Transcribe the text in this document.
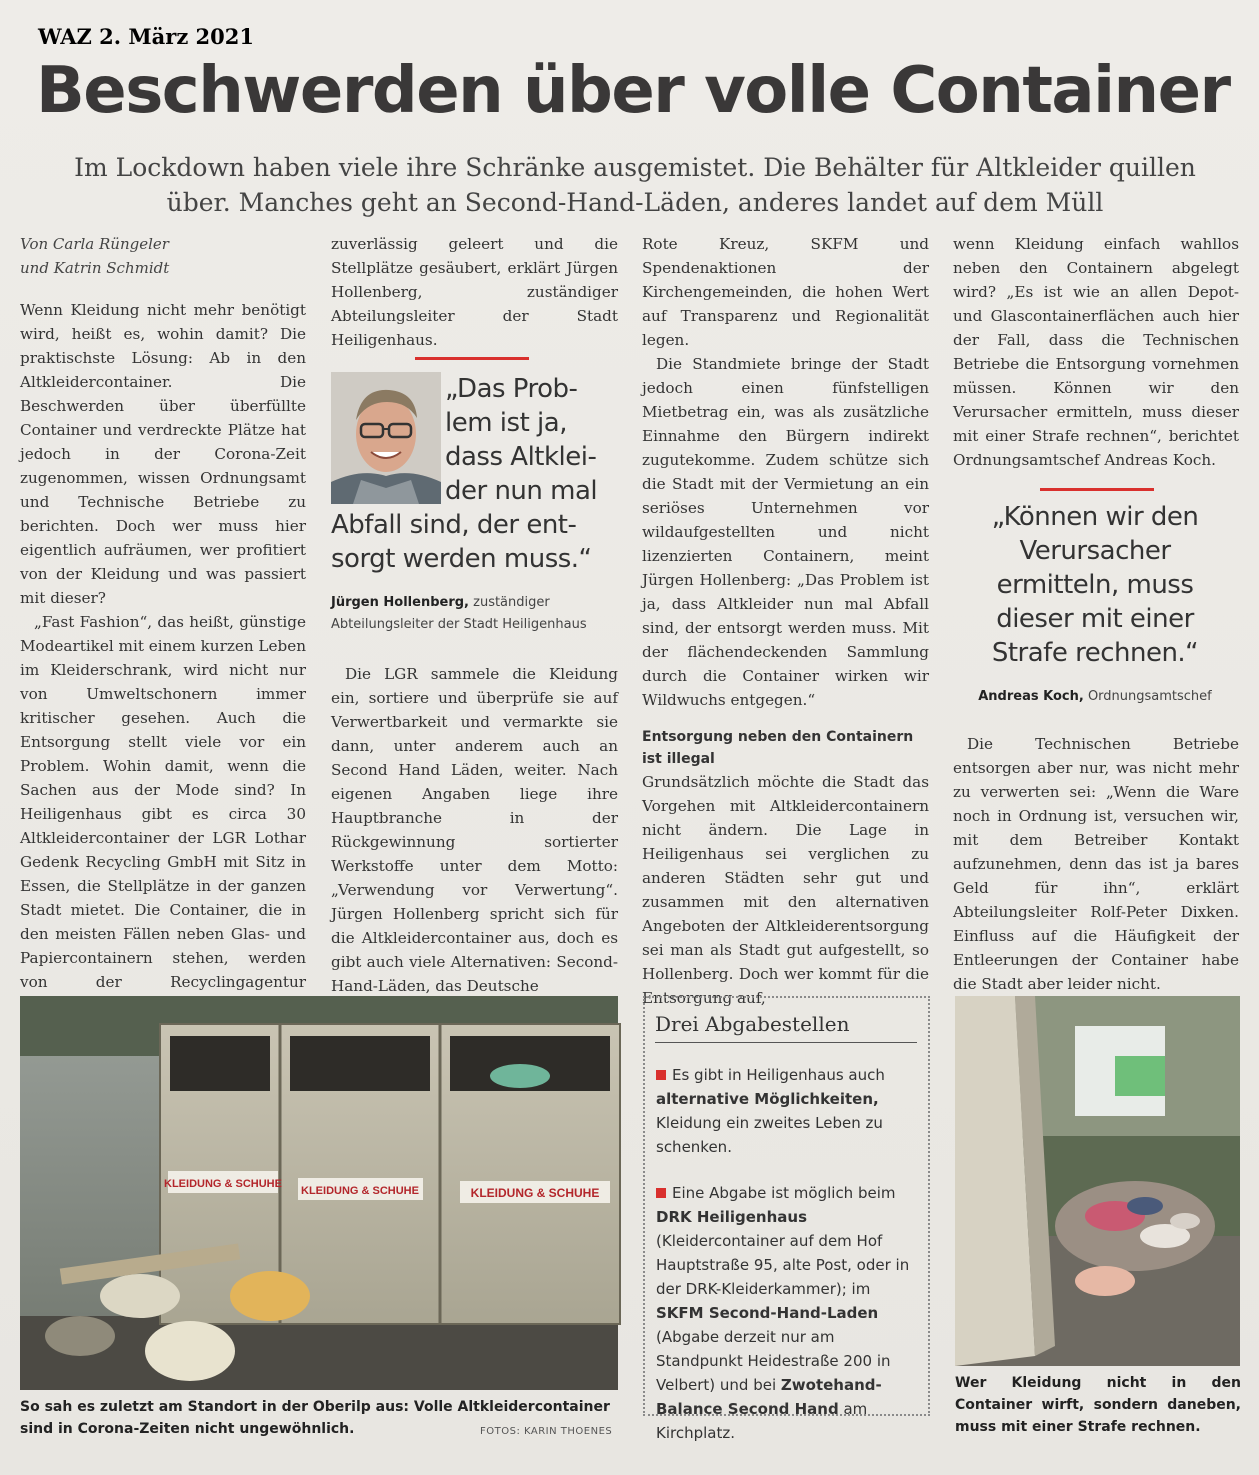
WAZ 2. März 2021
Beschwerden über volle Container
Im Lockdown haben viele ihre Schränke ausgemistet. Die Behälter für Altkleider quillen über. Manches geht an Second-Hand-Läden, anderes landet auf dem Müll
Von Carla Rüngeler
und Katrin Schmidt

Wenn Kleidung nicht mehr benötigt wird, heißt es, wohin damit? Die praktischste Lösung: Ab in den Altkleidercontainer. Die Beschwerden über überfüllte Container und verdreckte Plätze hat jedoch in der Corona-Zeit zugenommen, wissen Ordnungsamt und Technische Betriebe zu berichten. Doch wer muss hier eigentlich aufräumen, wer profitiert von der Kleidung und was passiert mit dieser?

„Fast Fashion“, das heißt, günstige Modeartikel mit einem kurzen Leben im Kleiderschrank, wird nicht nur von Umweltschonern immer kritischer gesehen. Auch die Entsorgung stellt viele vor ein Problem. Wohin damit, wenn die Sachen aus der Mode sind? In Heiligenhaus gibt es circa 30 Altkleidercontainer der LGR Lothar Gedenk Recycling GmbH mit Sitz in Essen, die Stellplätze in der ganzen Stadt mietet. Die Container, die in den meisten Fällen neben Glas- und Papiercontainern stehen, werden von der Recyclingagentur

zuverlässig geleert und die Stellplätze gesäubert, erklärt Jürgen Hollenberg, zuständiger Abteilungsleiter der Stadt Heiligenhaus.

„Das Prob-
lem ist ja,
dass Altklei-
der nun mal
Abfall sind, der ent-
sorgt werden muss.“
Jürgen Hollenberg, zuständiger Abteilungsleiter der Stadt Heiligenhaus

Die LGR sammele die Kleidung ein, sortiere und überprüfe sie auf Verwertbarkeit und vermarkte sie dann, unter anderem auch an Second Hand Läden, weiter. Nach eigenen Angaben liege ihre Hauptbranche in der Rückgewinnung sortierter Werkstoffe unter dem Motto: „Verwendung vor Verwertung“. Jürgen Hollenberg spricht sich für die Altkleidercontainer aus, doch es gibt auch viele Alternativen: Second-Hand-Läden, das Deutsche

Rote Kreuz, SKFM und Spendenaktionen der Kirchengemeinden, die hohen Wert auf Transparenz und Regionalität legen.

Die Standmiete bringe der Stadt jedoch einen fünfstelligen Mietbetrag ein, was als zusätzliche Einnahme den Bürgern indirekt zugutekomme. Zudem schütze sich die Stadt mit der Vermietung an ein seriöses Unternehmen vor wildaufgestellten und nicht lizenzierten Containern, meint Jürgen Hollenberg: „Das Problem ist ja, dass Altkleider nun mal Abfall sind, der entsorgt werden muss. Mit der flächendeckenden Sammlung durch die Container wirken wir Wildwuchs entgegen.“

Entsorgung neben den Containern ist illegal

Grundsätzlich möchte die Stadt das Vorgehen mit Altkleidercontainern nicht ändern. Die Lage in Heiligenhaus sei verglichen zu anderen Städten sehr gut und zusammen mit den alternativen Angeboten der Altkleiderentsorgung sei man als Stadt gut aufgestellt, so Hollenberg. Doch wer kommt für die Entsorgung auf,

wenn Kleidung einfach wahllos neben den Containern abgelegt wird? „Es ist wie an allen Depot- und Glascontainerflächen auch hier der Fall, dass die Technischen Betriebe die Entsorgung vornehmen müssen. Können wir den Verursacher ermitteln, muss dieser mit einer Strafe rechnen“, berichtet Ordnungsamtschef Andreas Koch.

„Können wir den Verursacher ermitteln, muss dieser mit einer Strafe rechnen.“
Andreas Koch, Ordnungsamtschef

Die Technischen Betriebe entsorgen aber nur, was nicht mehr zu verwerten sei: „Wenn die Ware noch in Ordnung ist, versuchen wir, mit dem Betreiber Kontakt aufzunehmen, denn das ist ja bares Geld für ihn“, erklärt Abteilungsleiter Rolf-Peter Dixken. Einfluss auf die Häufigkeit der Entleerungen der Container habe die Stadt aber leider nicht.

KLEIDUNG & SCHUHE
KLEIDUNG & SCHUHE	KLEIDUNG & SCHUHE
So sah es zuletzt am Standort in der Oberilp aus: Volle Altkleidercontainer sind in Corona-Zeiten nicht ungewöhnlich.	FOTOS: KARIN THOENES
Drei Abgabestellen
Es gibt in Heiligenhaus auch alternative Möglichkeiten, Kleidung ein zweites Leben zu schenken.
Eine Abgabe ist möglich beim DRK Heiligenhaus (Kleidercontainer auf dem Hof Hauptstraße 95, alte Post, oder in der DRK-Kleiderkammer); im SKFM Second-Hand-Laden (Abgabe derzeit nur am Standpunkt Heidestraße 200 in Velbert) und bei Zwotehand-Balance Second Hand am Kirchplatz.
Wer Kleidung nicht in den Container wirft, sondern daneben, muss mit einer Strafe rechnen.
